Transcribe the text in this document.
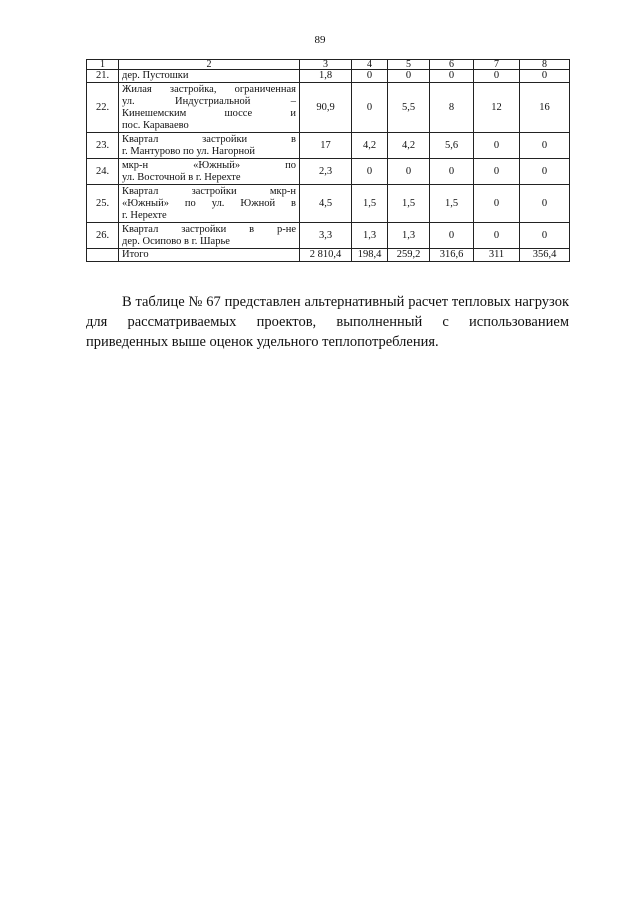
89
1	2	3	4	5	6	7	8
21.	дер. Пустошки	1,8	0	0	0	0	0
22.	Жилая застройка, ограниченная
ул. Индустриальной –
Кинешемским шоссе и
пос. Караваево	90,9	0	5,5	8	12	16
23.	Квартал застройки в
г. Мантурово по ул. Нагорной	17	4,2	4,2	5,6	0	0
24.	мкр-н «Южный» по
ул. Восточной в г. Нерехте	2,3	0	0	0	0	0
25.	Квартал застройки мкр-н
«Южный» по ул. Южной в
г. Нерехте	4,5	1,5	1,5	1,5	0	0
26.	Квартал застройки в р-не
дер. Осипово в г. Шарье	3,3	1,3	1,3	0	0	0
	Итого	2 810,4	198,4	259,2	316,6	311	356,4
В таблице № 67 представлен альтернативный расчет тепловых нагрузок для рассматриваемых проектов, выполненный с использованием приведенных выше оценок удельного теплопотребления.
